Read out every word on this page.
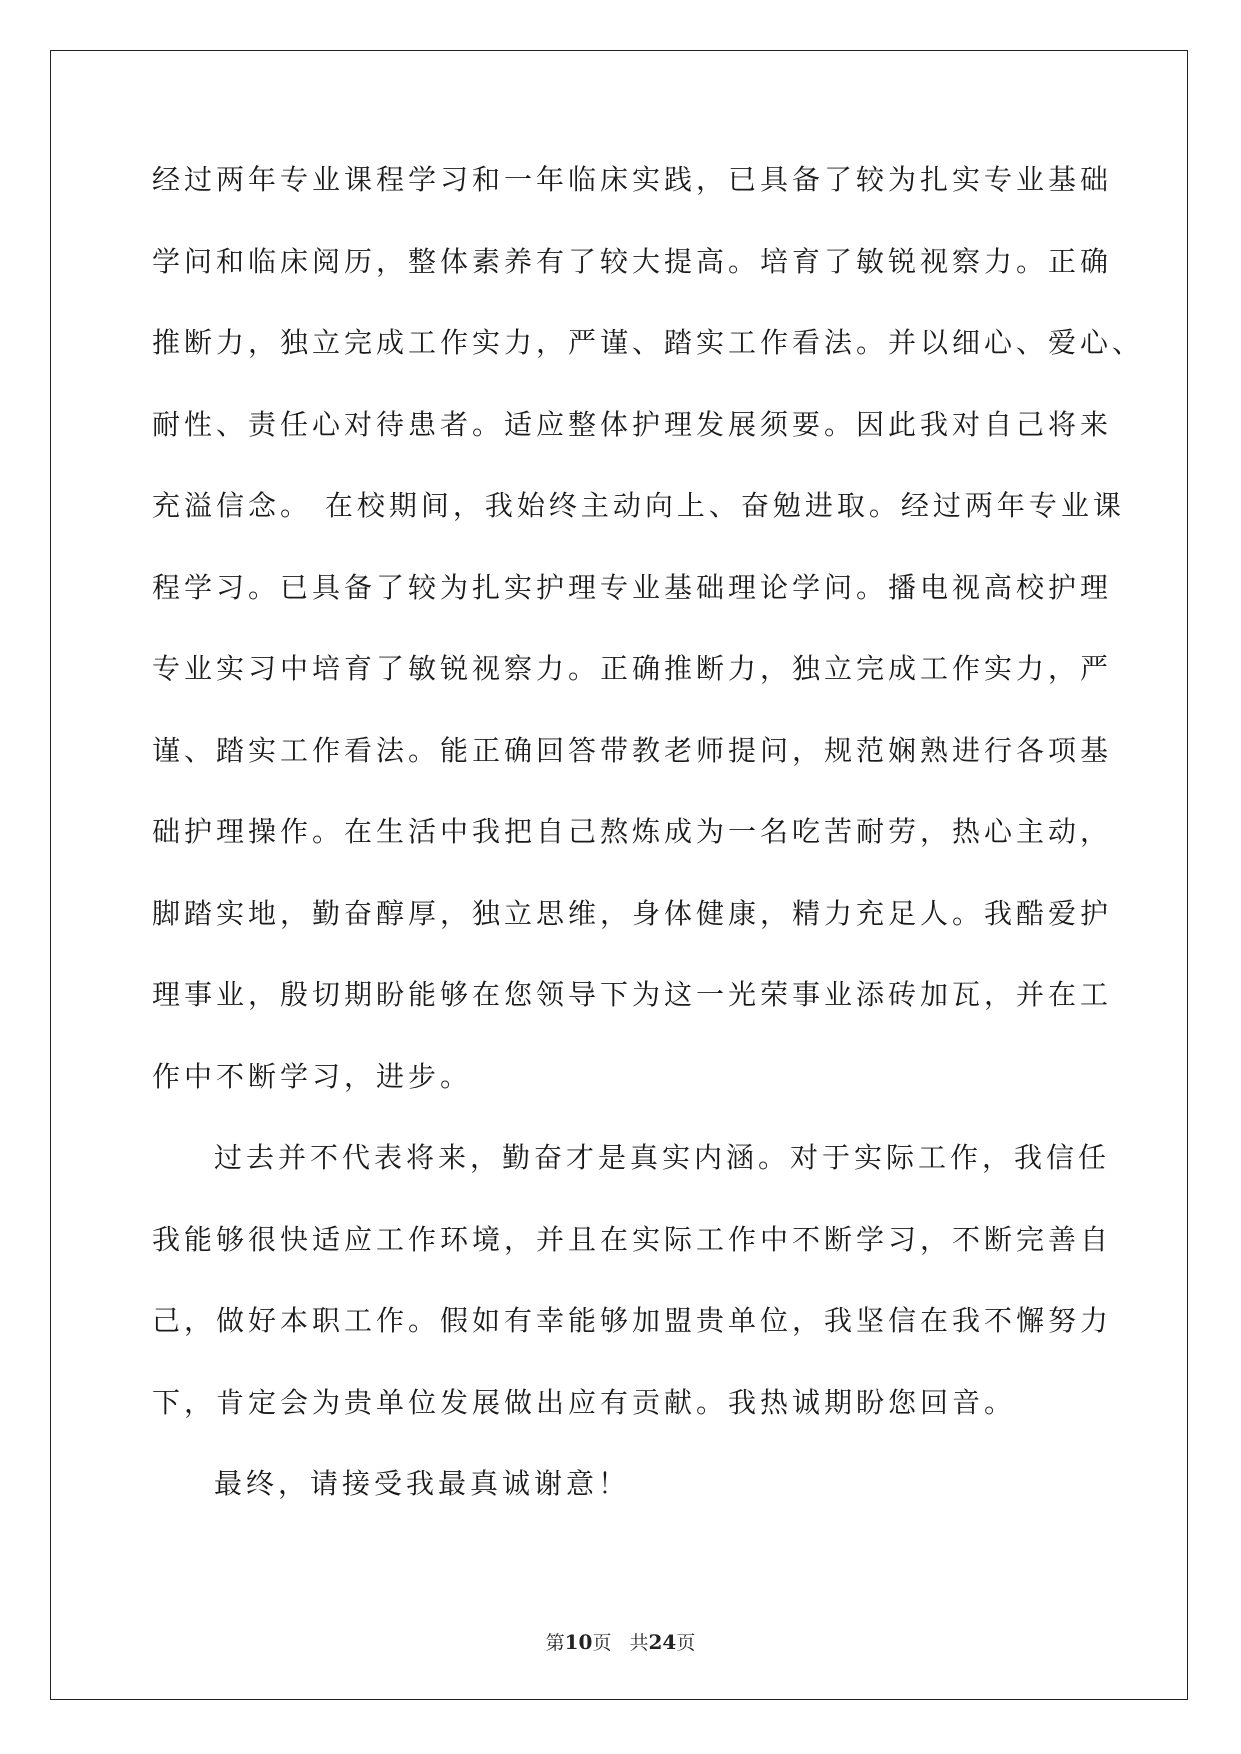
经过两年专业课程学习和一年临床实践，已具备了较为扎实专业基础
学问和临床阅历，整体素养有了较大提高。培育了敏锐视察力。正确
推断力，独立完成工作实力，严谨、踏实工作看法。并以细心、爱心、
耐性、责任心对待患者。适应整体护理发展须要。因此我对自己将来
充溢信念。 在校期间，我始终主动向上、奋勉进取。经过两年专业课
程学习。已具备了较为扎实护理专业基础理论学问。播电视高校护理
专业实习中培育了敏锐视察力。正确推断力，独立完成工作实力，严
谨、踏实工作看法。能正确回答带教老师提问，规范娴熟进行各项基
础护理操作。在生活中我把自己熬炼成为一名吃苦耐劳，热心主动，
脚踏实地，勤奋醇厚，独立思维，身体健康，精力充足人。我酷爱护
理事业，殷切期盼能够在您领导下为这一光荣事业添砖加瓦，并在工
作中不断学习，进步。
过去并不代表将来，勤奋才是真实内涵。对于实际工作，我信任
我能够很快适应工作环境，并且在实际工作中不断学习，不断完善自
己，做好本职工作。假如有幸能够加盟贵单位，我坚信在我不懈努力
下，肯定会为贵单位发展做出应有贡献。我热诚期盼您回音。
最终，请接受我最真诚谢意！
第10页 共24页
